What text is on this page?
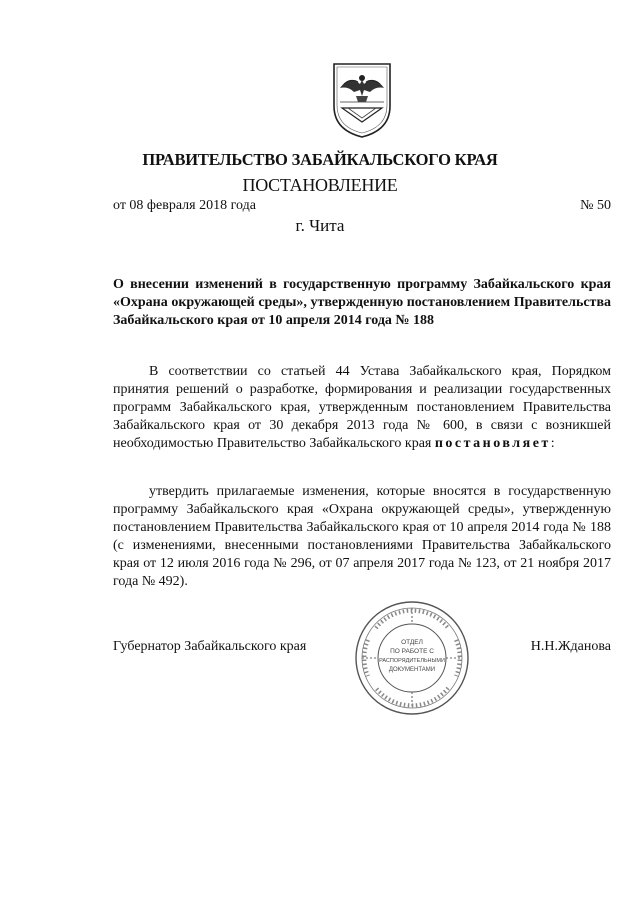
ПРАВИТЕЛЬСТВО ЗАБАЙКАЛЬСКОГО КРАЯ
ПОСТАНОВЛЕНИЕ
от 08 февраля 2018 года	№ 50
г. Чита
О внесении изменений в государственную программу Забайкальского края «Охрана окружающей среды», утвержденную постановлением Правительства Забайкальского края от 10 апреля 2014 года № 188
В соответствии со статьей 44 Устава Забайкальского края, Порядком принятия решений о разработке, формирования и реализации государственных программ Забайкальского края, утвержденным постановлением Правительства Забайкальского края от 30 декабря 2013 года № 600, в связи с возникшей необходимостью Правительство Забайкальского края постановляет:
утвердить прилагаемые изменения, которые вносятся в государственную программу Забайкальского края «Охрана окружающей среды», утвержденную постановлением Правительства Забайкальского края от 10 апреля 2014 года № 188 (с изменениями, внесенными постановлениями Правительства Забайкальского края от 12 июля 2016 года № 296, от 07 апреля 2017 года № 123, от 21 ноября 2017 года № 492).
Губернатор Забайкальского края	Н.Н.Жданова
ОТДЕЛ
ПО РАБОТЕ С
РАСПОРЯДИТЕЛЬНЫМИ
ДОКУМЕНТАМИ
